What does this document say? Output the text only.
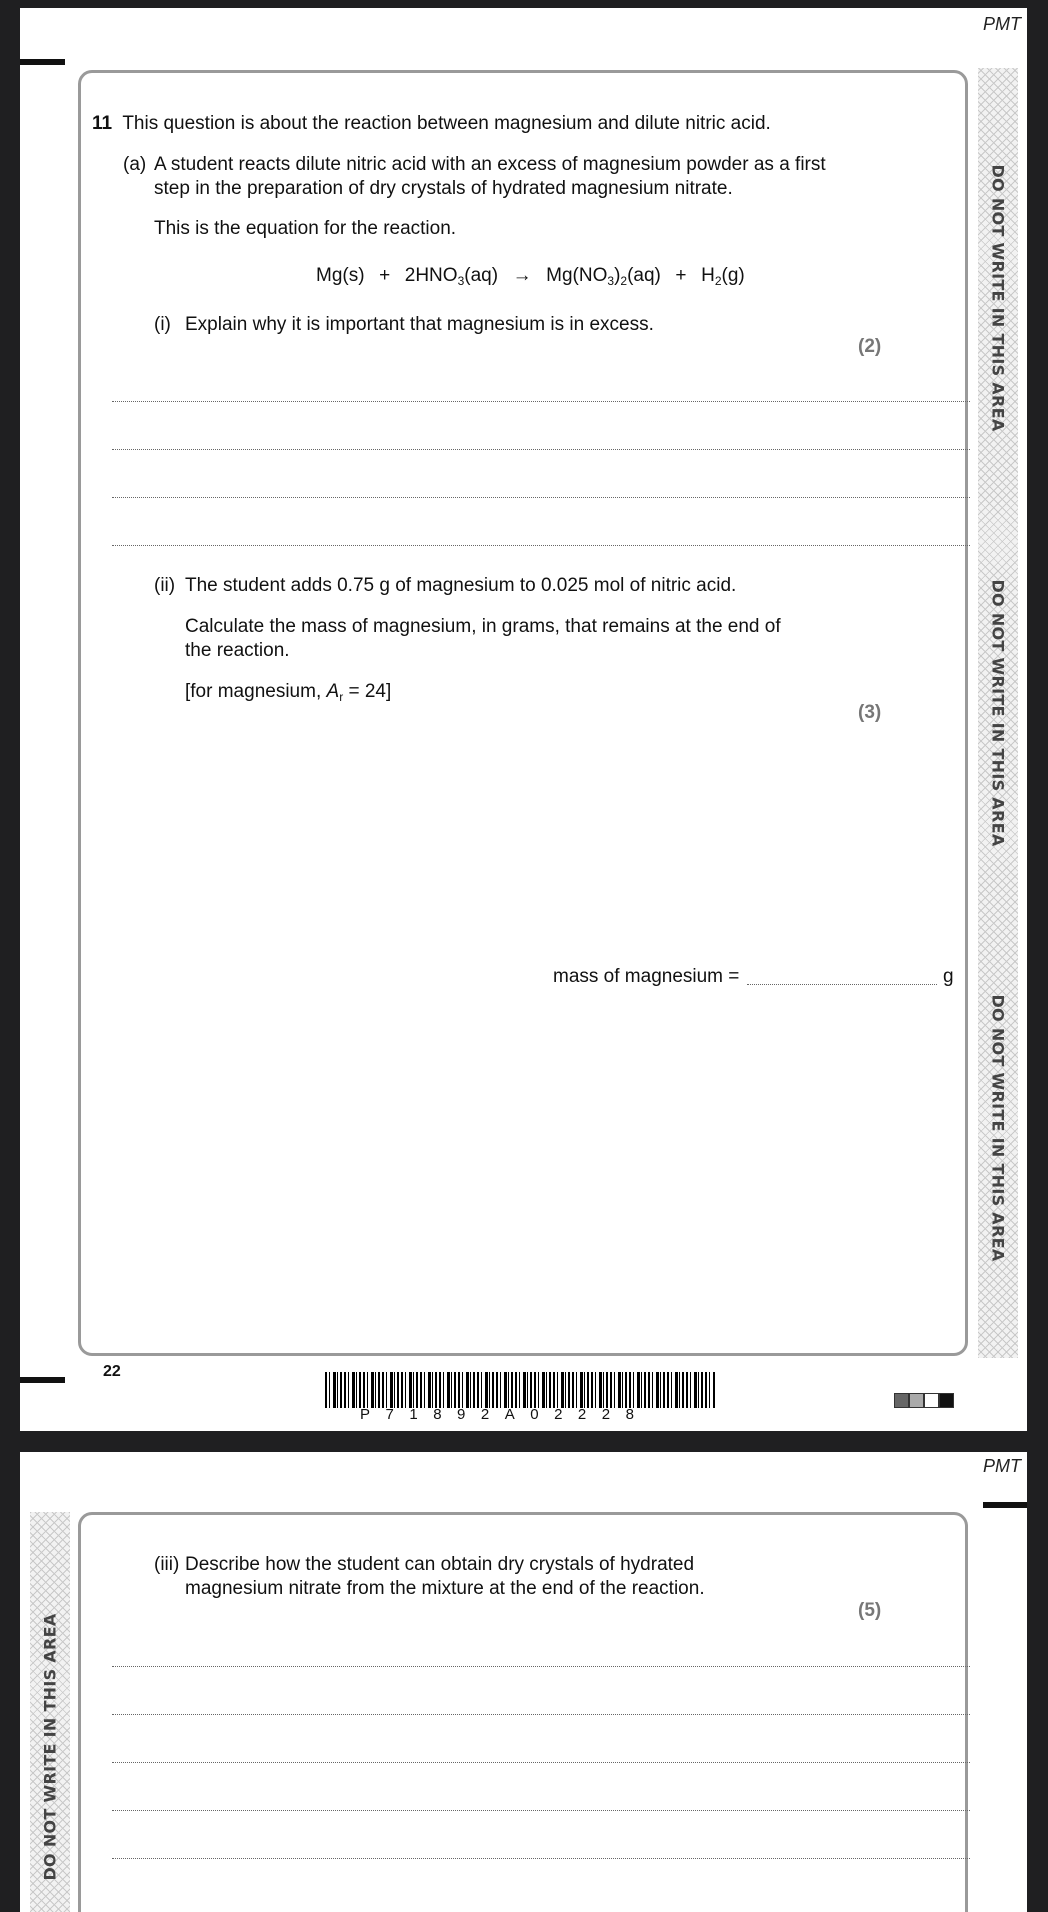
PMT
DO NOT WRITE IN THIS AREA
DO NOT WRITE IN THIS AREA
DO NOT WRITE IN THIS AREA
11 This question is about the reaction between magnesium and dilute nitric acid.
(a) A student reacts dilute nitric acid with an excess of magnesium powder as a first
step in the preparation of dry crystals of hydrated magnesium nitrate.
This is the equation for the reaction.
$Mg(s) + 2HNO_3(aq) \to Mg(NO_3)_2(aq) + H_2(g)$
(i) Explain why it is important that magnesium is in excess.
(2)
(ii) The student adds 0.75 g of magnesium to 0.025 mol of nitric acid.
Calculate the mass of magnesium, in grams, that remains at the end of
the reaction.
[for magnesium, $A_r = 24$]
(3)
mass of magnesium =	g
22
P71892A02228
PMT
DO NOT WRITE IN THIS AREA
(iii) Describe how the student can obtain dry crystals of hydrated
magnesium nitrate from the mixture at the end of the reaction.
(5)
